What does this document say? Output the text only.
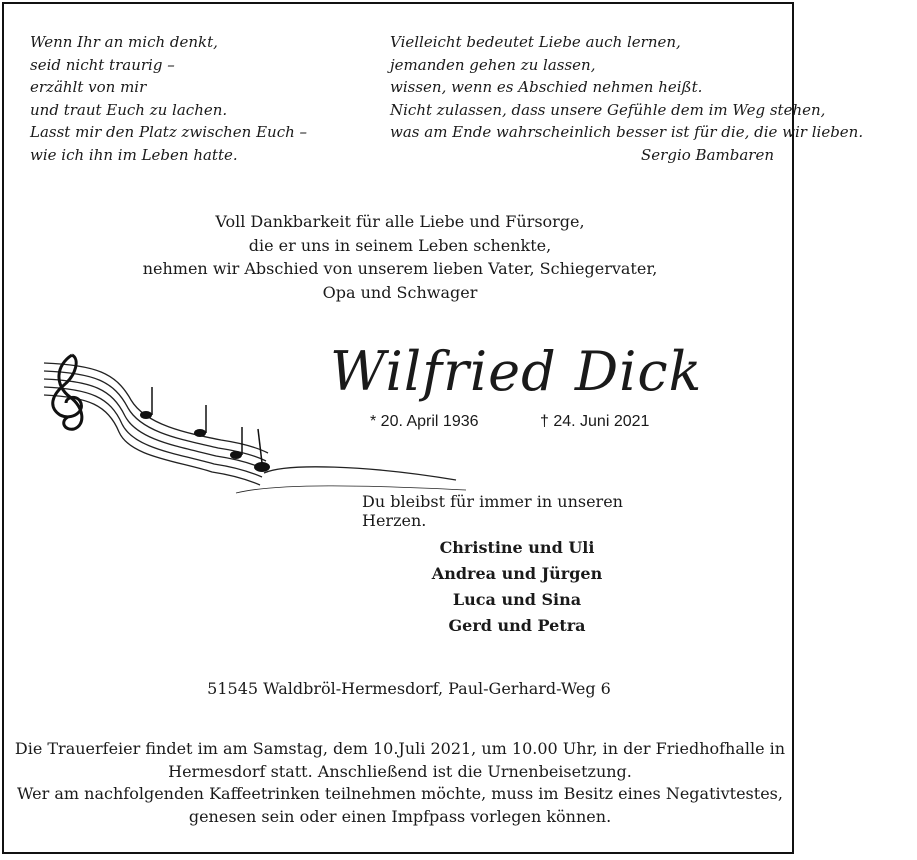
Wenn Ihr an mich denkt,
seid nicht traurig –
erzählt von mir
und traut Euch zu lachen.
Lasst mir den Platz zwischen Euch –
wie ich ihn im Leben hatte.
Vielleicht bedeutet Liebe auch lernen,
jemanden gehen zu lassen,
wissen, wenn es Abschied nehmen heißt.
Nicht zulassen, dass unsere Gefühle dem im Weg stehen,
was am Ende wahrscheinlich besser ist für die, die wir lieben.
Sergio Bambaren
Voll Dankbarkeit für alle Liebe und Fürsorge,
die er uns in seinem Leben schenkte,
nehmen wir Abschied von unserem lieben Vater, Schiegervater,
Opa und Schwager
Wilfried Dick
* 20. April 1936	† 24. Juni 2021
Du bleibst für immer in unseren Herzen.
Christine und Uli
Andrea und Jürgen
Luca und Sina
Gerd und Petra
51545 Waldbröl-Hermesdorf, Paul-Gerhard-Weg 6
Die Trauerfeier findet im am Samstag, dem 10.Juli 2021, um 10.00 Uhr, in der Friedhofhalle in
Hermesdorf statt. Anschließend ist die Urnenbeisetzung.
Wer am nachfolgenden Kaffeetrinken teilnehmen möchte, muss im Besitz eines Negativtestes,
genesen sein oder einen Impfpass vorlegen können.
